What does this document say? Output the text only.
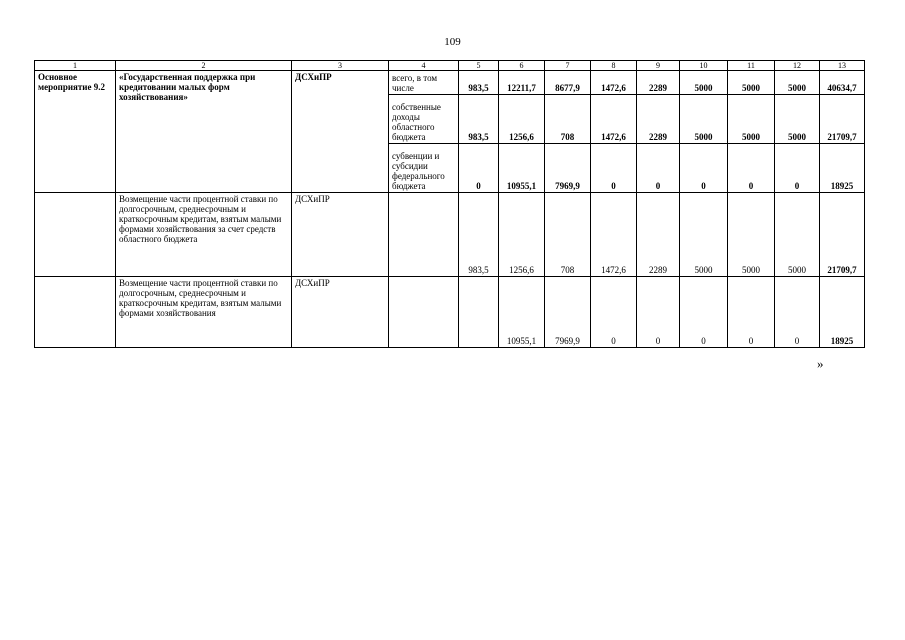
109
1	2	3	4	5	6	7	8	9	10	11	12	13
Основное мероприятие 9.2	«Государственная поддержка при кредитовании малых форм хозяйствования»	ДСХиПР	всего, в том числе	983,5	12211,7	8677,9	1472,6	2289	5000	5000	5000	40634,7
			собственные доходы областного бюджета	983,5	1256,6	708	1472,6	2289	5000	5000	5000	21709,7
			субвенции и субсидии федерального бюджета	0	10955,1	7969,9	0	0	0	0	0	18925
	Возмещение части процентной ставки по долгосрочным, среднесрочным и краткосрочным кредитам, взятым малыми формами хозяйствования за счет средств областного бюджета	ДСХиПР		983,5	1256,6	708	1472,6	2289	5000	5000	5000	21709,7
	Возмещение части процентной ставки по долгосрочным, среднесрочным и краткосрочным кредитам, взятым малыми формами хозяйствования	ДСХиПР			10955,1	7969,9	0	0	0	0	0	18925
»
